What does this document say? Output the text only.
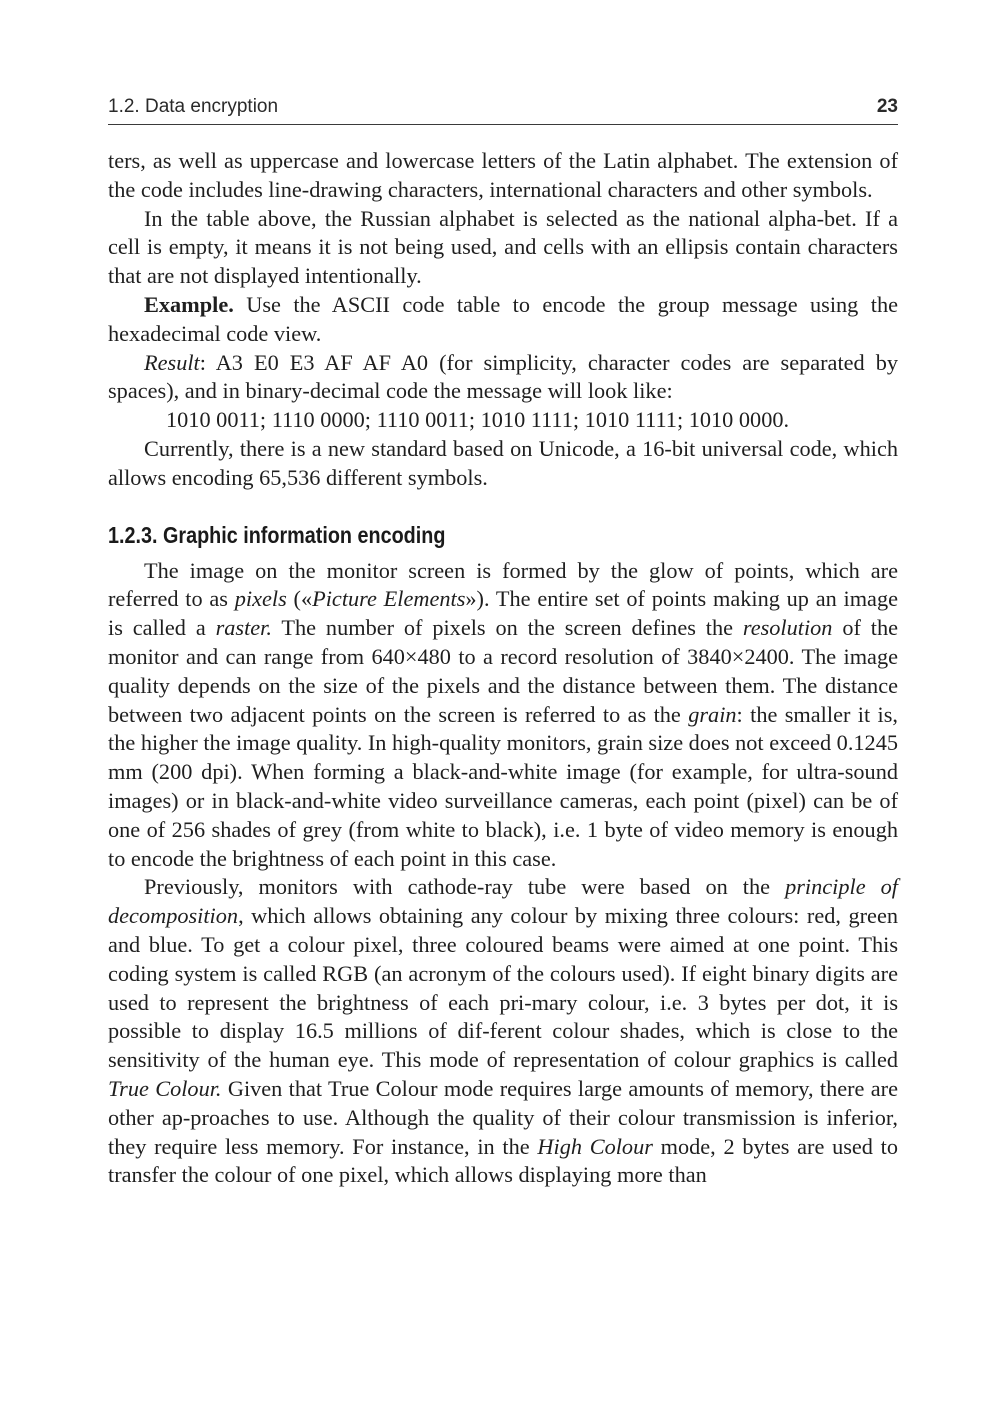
1.2. Data encryption	23

ters, as well as uppercase and lowercase letters of the Latin alphabet. The extension of the code includes line-drawing characters, international characters and other symbols.

In the table above, the Russian alphabet is selected as the national alpha-bet. If a cell is empty, it means it is not being used, and cells with an ellipsis contain characters that are not displayed intentionally.

Example. Use the ASCII code table to encode the group message using the hexadecimal code view.

Result: A3 E0 E3 AF AF A0 (for simplicity, character codes are separated by spaces), and in binary-decimal code the message will look like:

1010 0011; 1110 0000; 1110 0011; 1010 1111; 1010 1111; 1010 0000.

Currently, there is a new standard based on Unicode, a 16-bit universal code, which allows encoding 65,536 different symbols.

1.2.3. Graphic information encoding

The image on the monitor screen is formed by the glow of points, which are referred to as pixels («Picture Elements»). The entire set of points making up an image is called a raster. The number of pixels on the screen defines the resolution of the monitor and can range from 640×480 to a record resolution of 3840×2400. The image quality depends on the size of the pixels and the distance between them. The distance between two adjacent points on the screen is referred to as the grain: the smaller it is, the higher the image quality. In high-quality monitors, grain size does not exceed 0.1245 mm (200 dpi). When forming a black-and-white image (for example, for ultra-sound images) or in black-and-white video surveillance cameras, each point (pixel) can be of one of 256 shades of grey (from white to black), i.e. 1 byte of video memory is enough to encode the brightness of each point in this case.

Previously, monitors with cathode-ray tube were based on the principle of decomposition, which allows obtaining any colour by mixing three colours: red, green and blue. To get a colour pixel, three coloured beams were aimed at one point. This coding system is called RGB (an acronym of the colours used). If eight binary digits are used to represent the brightness of each pri-mary colour, i.e. 3 bytes per dot, it is possible to display 16.5 millions of dif-ferent colour shades, which is close to the sensitivity of the human eye. This mode of representation of colour graphics is called True Colour. Given that True Colour mode requires large amounts of memory, there are other ap-proaches to use. Although the quality of their colour transmission is inferior, they require less memory. For instance, in the High Colour mode, 2 bytes are used to transfer the colour of one pixel, which allows displaying more than
